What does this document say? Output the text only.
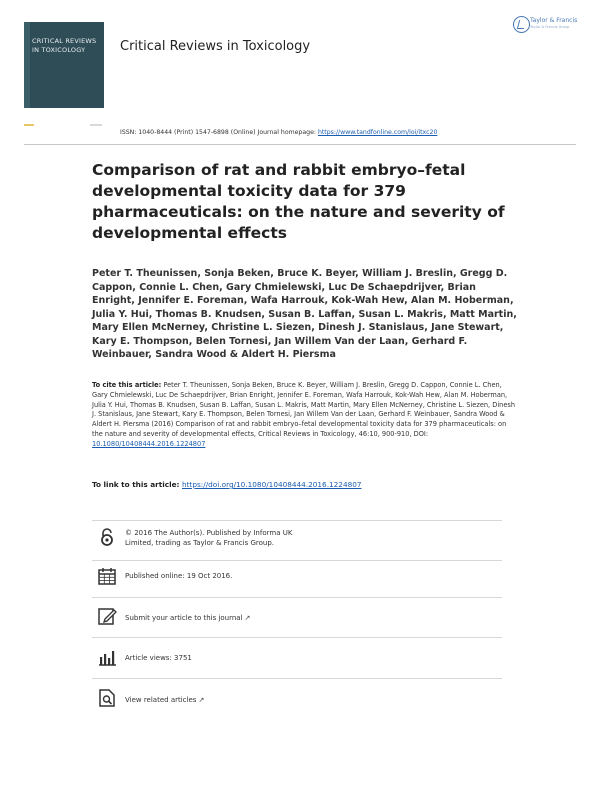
CRITICAL REVIEWS
IN TOXICOLOGY	Critical Reviews in Toxicology
Taylor & Francis
Taylor & Francis Group
ISSN: 1040-8444 (Print) 1547-6898 (Online) Journal homepage: https://www.tandfonline.com/loi/itxc20
Comparison of rat and rabbit embryo–fetal developmental toxicity data for 379 pharmaceuticals: on the nature and severity of developmental effects

Peter T. Theunissen, Sonja Beken, Bruce K. Beyer, William J. Breslin, Gregg D. Cappon, Connie L. Chen, Gary Chmielewski, Luc De Schaepdrijver, Brian Enright, Jennifer E. Foreman, Wafa Harrouk, Kok-Wah Hew, Alan M. Hoberman, Julia Y. Hui, Thomas B. Knudsen, Susan B. Laffan, Susan L. Makris, Matt Martin, Mary Ellen McNerney, Christine L. Siezen, Dinesh J. Stanislaus, Jane Stewart, Kary E. Thompson, Belen Tornesi, Jan Willem Van der Laan, Gerhard F. Weinbauer, Sandra Wood & Aldert H. Piersma

To cite this article: Peter T. Theunissen, Sonja Beken, Bruce K. Beyer, William J. Breslin, Gregg D. Cappon, Connie L. Chen, Gary Chmielewski, Luc De Schaepdrijver, Brian Enright, Jennifer E. Foreman, Wafa Harrouk, Kok-Wah Hew, Alan M. Hoberman, Julia Y. Hui, Thomas B. Knudsen, Susan B. Laffan, Susan L. Makris, Matt Martin, Mary Ellen McNerney, Christine L. Siezen, Dinesh J. Stanislaus, Jane Stewart, Kary E. Thompson, Belen Tornesi, Jan Willem Van der Laan, Gerhard F. Weinbauer, Sandra Wood & Aldert H. Piersma (2016) Comparison of rat and rabbit embryo–fetal developmental toxicity data for 379 pharmaceuticals: on the nature and severity of developmental effects, Critical Reviews in Toxicology, 46:10, 900-910, DOI: 10.1080/10408444.2016.1224807

To link to this article: https://doi.org/10.1080/10408444.2016.1224807
© 2016 The Author(s). Published by Informa UK Limited, trading as Taylor & Francis Group.
Published online: 19 Oct 2016.
Submit your article to this journal ↗
Article views: 3751
View related articles ↗
